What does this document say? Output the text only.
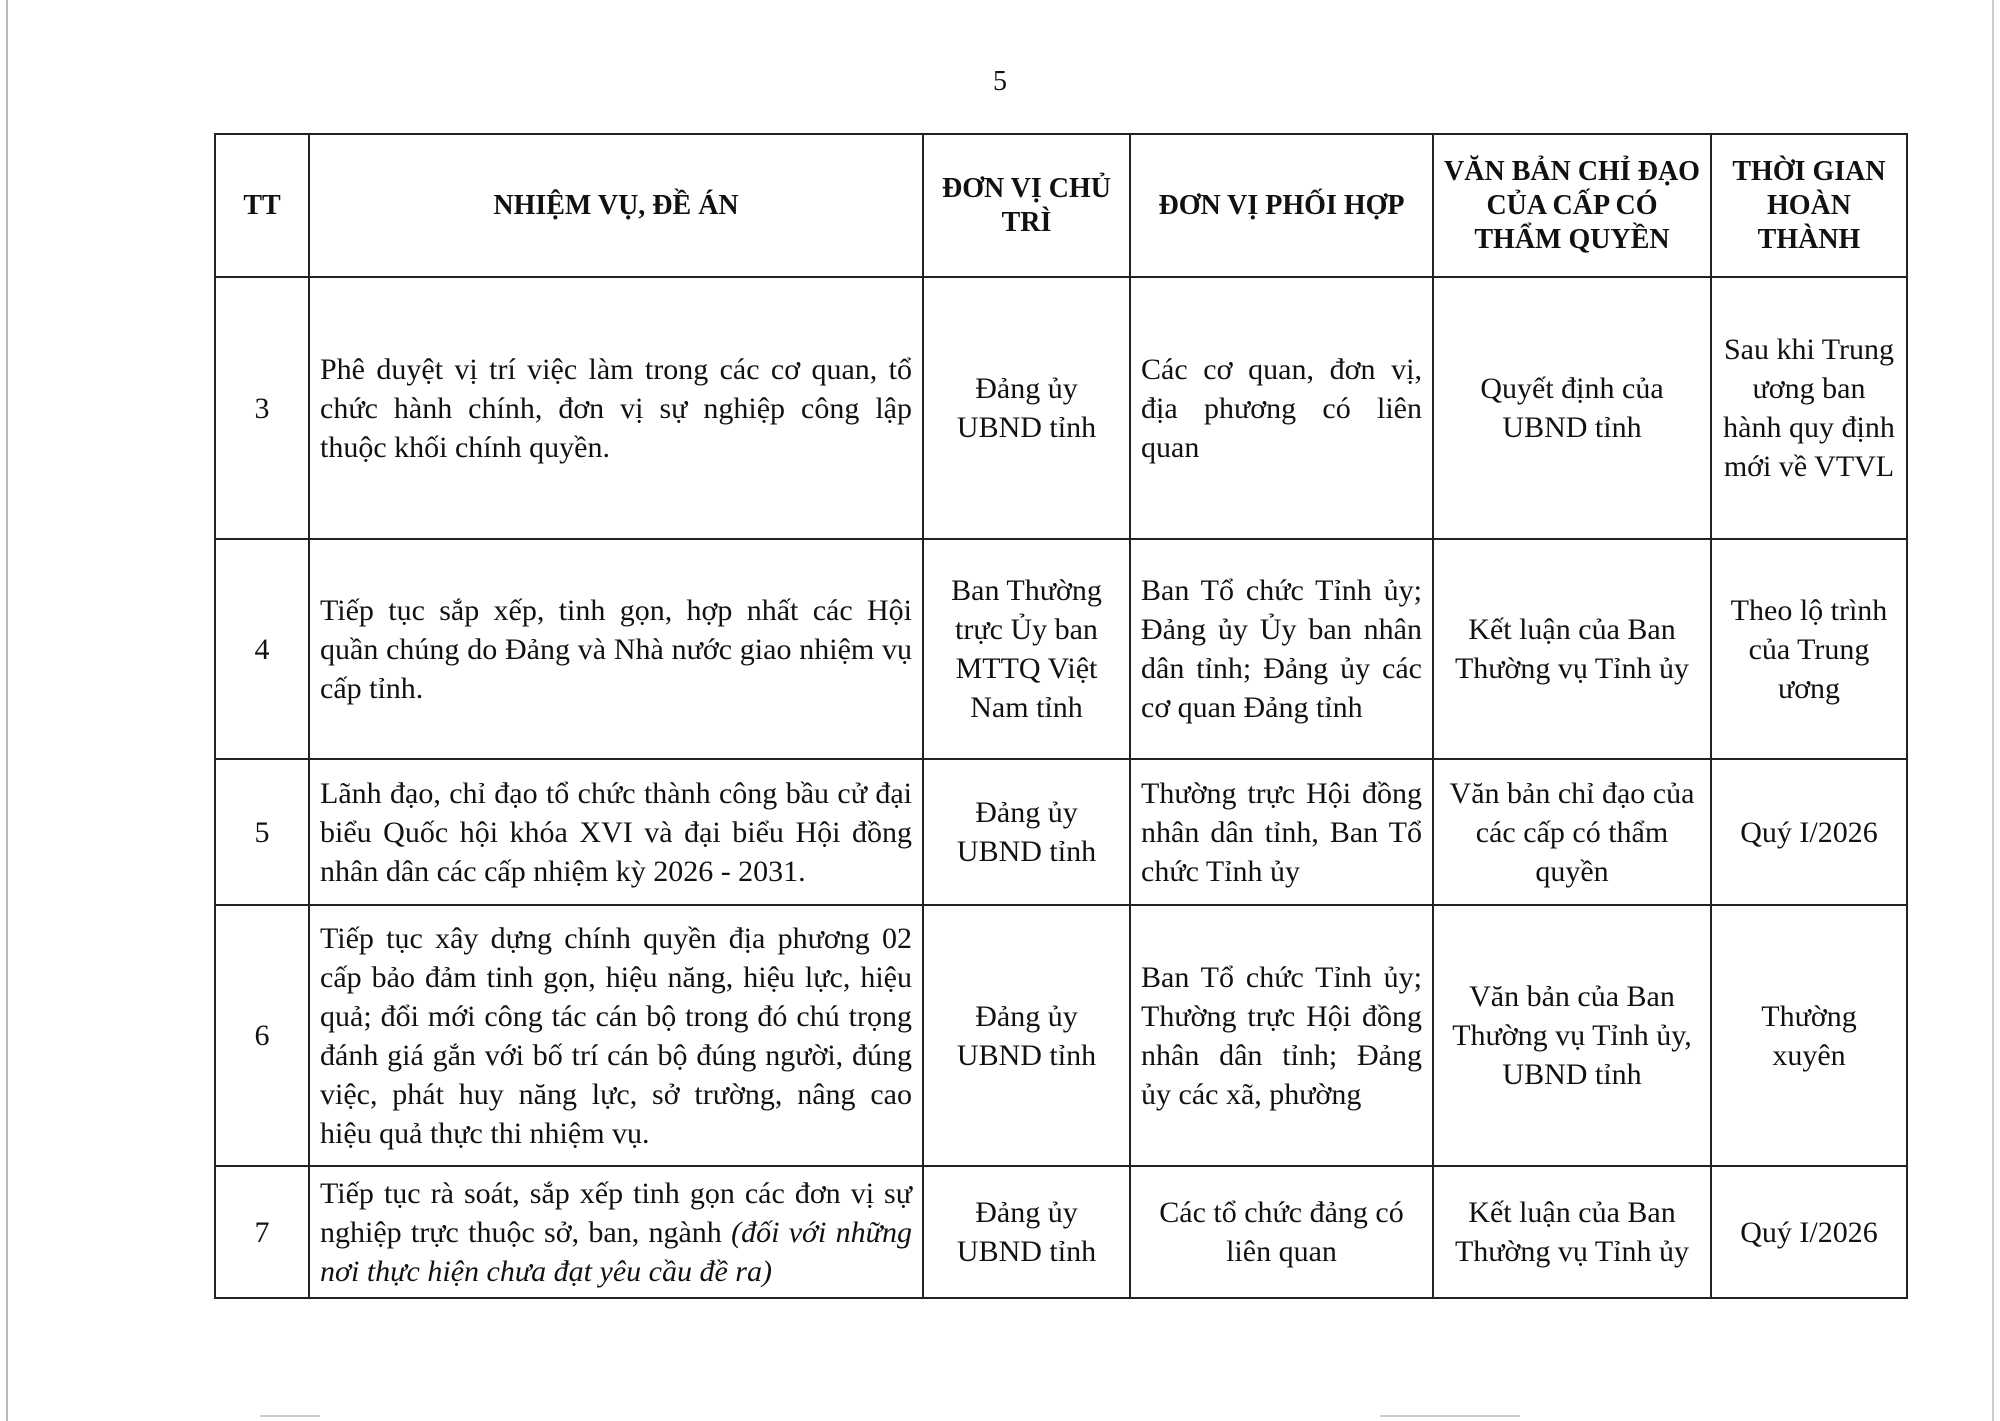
5
TT	NHIỆM VỤ, ĐỀ ÁN	ĐƠN VỊ CHỦ TRÌ	ĐƠN VỊ PHỐI HỢP	VĂN BẢN CHỈ ĐẠO CỦA CẤP CÓ THẨM QUYỀN	THỜI GIAN HOÀN THÀNH
3	Phê duyệt vị trí việc làm trong các cơ quan, tổ chức hành chính, đơn vị sự nghiệp công lập thuộc khối chính quyền.	Đảng ủy UBND tỉnh	Các cơ quan, đơn vị, địa phương có liên quan	Quyết định của UBND tỉnh	Sau khi Trung ương ban hành quy định mới về VTVL
4	Tiếp tục sắp xếp, tinh gọn, hợp nhất các Hội quần chúng do Đảng và Nhà nước giao nhiệm vụ cấp tỉnh.	Ban Thường trực Ủy ban MTTQ Việt Nam tỉnh	Ban Tổ chức Tỉnh ủy; Đảng ủy Ủy ban nhân dân tỉnh; Đảng ủy các cơ quan Đảng tỉnh	Kết luận của Ban Thường vụ Tỉnh ủy	Theo lộ trình của Trung ương
5	Lãnh đạo, chỉ đạo tổ chức thành công bầu cử đại biểu Quốc hội khóa XVI và đại biểu Hội đồng nhân dân các cấp nhiệm kỳ 2026 - 2031.	Đảng ủy UBND tỉnh	Thường trực Hội đồng nhân dân tỉnh, Ban Tổ chức Tỉnh ủy	Văn bản chỉ đạo của các cấp có thẩm quyền	Quý I/2026
6	Tiếp tục xây dựng chính quyền địa phương 02 cấp bảo đảm tinh gọn, hiệu năng, hiệu lực, hiệu quả; đổi mới công tác cán bộ trong đó chú trọng đánh giá gắn với bố trí cán bộ đúng người, đúng việc, phát huy năng lực, sở trường, nâng cao hiệu quả thực thi nhiệm vụ.	Đảng ủy UBND tỉnh	Ban Tổ chức Tỉnh ủy; Thường trực Hội đồng nhân dân tỉnh; Đảng ủy các xã, phường	Văn bản của Ban Thường vụ Tỉnh ủy, UBND tỉnh	Thường xuyên
7	Tiếp tục rà soát, sắp xếp tinh gọn các đơn vị sự nghiệp trực thuộc sở, ban, ngành (đối với những nơi thực hiện chưa đạt yêu cầu đề ra)	Đảng ủy UBND tỉnh	Các tổ chức đảng có liên quan	Kết luận của Ban Thường vụ Tỉnh ủy	Quý I/2026
